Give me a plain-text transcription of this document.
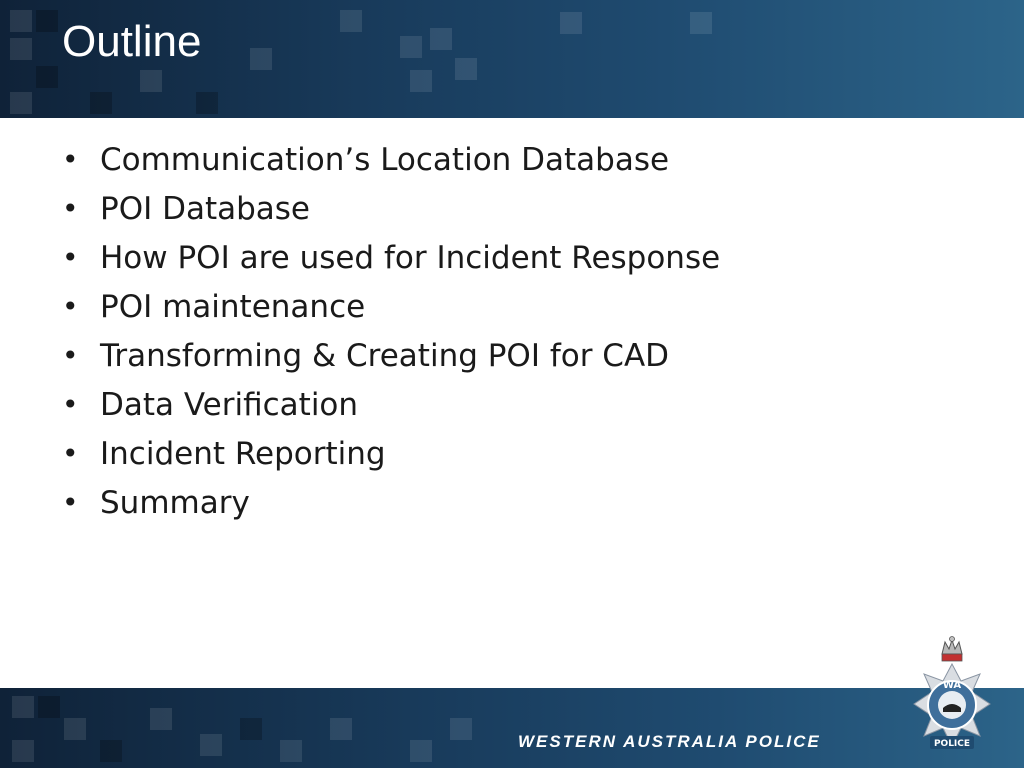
Outline
• Communication’s Location Database
• POI Database
• How POI are used for Incident Response
• POI maintenance
• Transforming & Creating POI for CAD
• Data Verification
• Incident Reporting
• Summary
WESTERN AUSTRALIA POLICE
WA
POLICE
